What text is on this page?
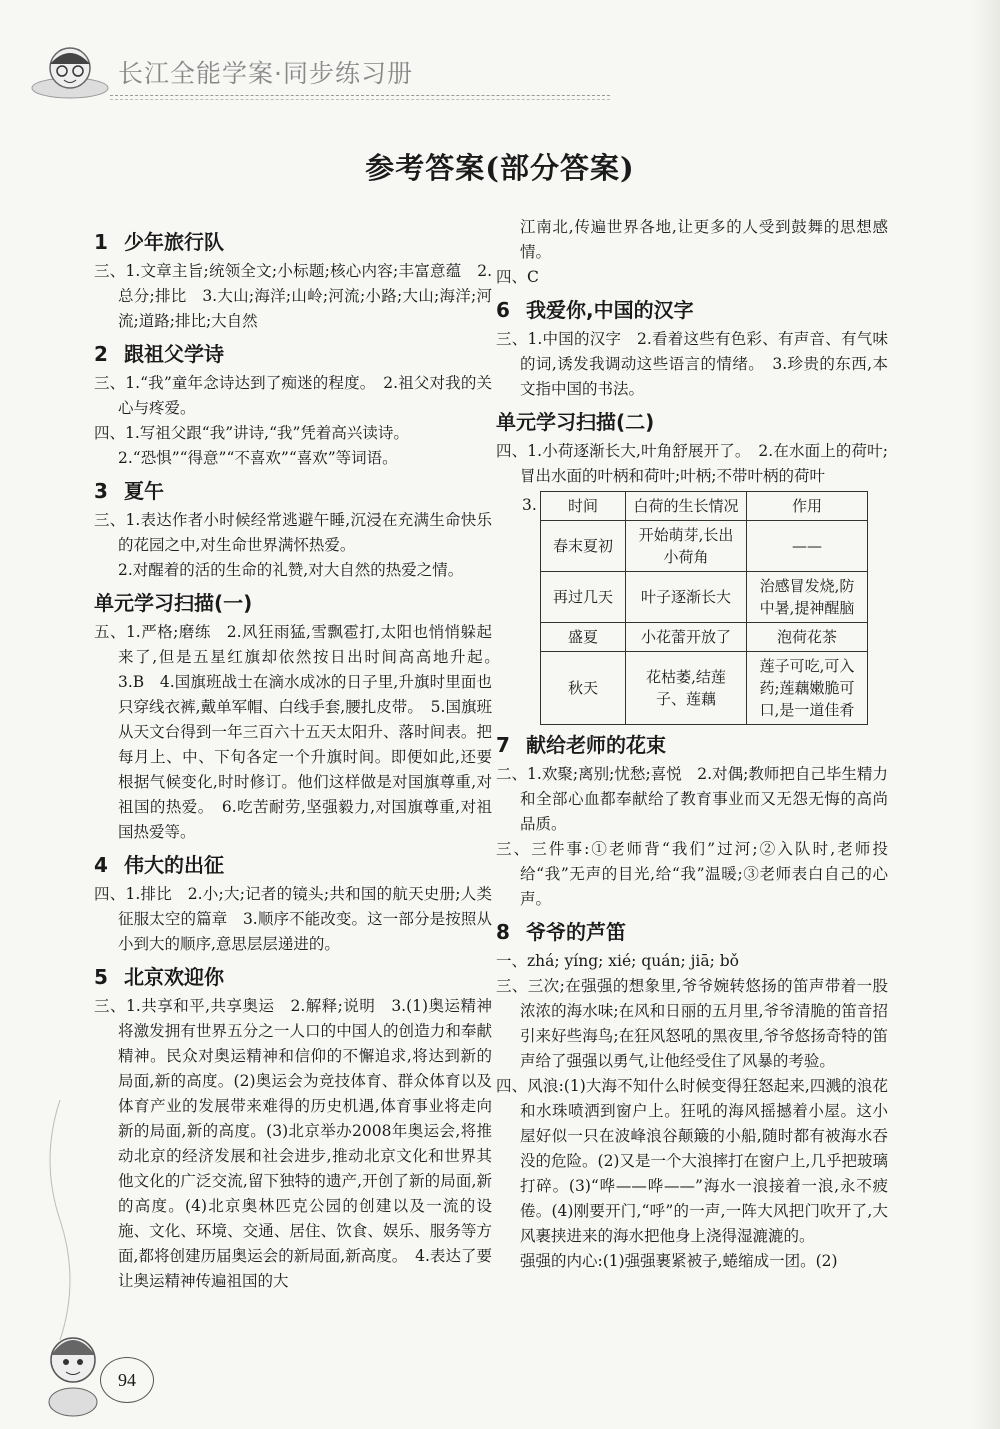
长江全能学案·同步练习册
参考答案(部分答案)
1 少年旅行队

三、1.文章主旨;统领全文;小标题;核心内容;丰富意蕴　2.总分;排比　3.大山;海洋;山岭;河流;小路;大山;海洋;河流;道路;排比;大自然

2 跟祖父学诗

三、1.“我”童年念诗达到了痴迷的程度。　2.祖父对我的关心与疼爱。

四、1.写祖父跟“我”讲诗,“我”凭着高兴读诗。

2.“恐惧”“得意”“不喜欢”“喜欢”等词语。

3 夏午

三、1.表达作者小时候经常逃避午睡,沉浸在充满生命快乐的花园之中,对生命世界满怀热爱。

2.对醒着的活的生命的礼赞,对大自然的热爱之情。

单元学习扫描(一)

五、1.严格;磨练　2.风狂雨猛,雪飘雹打,太阳也悄悄躲起来了,但是五星红旗却依然按日出时间高高地升起。　3.B　4.国旗班战士在滴水成冰的日子里,升旗时里面也只穿线衣裤,戴单军帽、白线手套,腰扎皮带。　5.国旗班从天文台得到一年三百六十五天太阳升、落时间表。把每月上、中、下旬各定一个升旗时间。即便如此,还要根据气候变化,时时修订。他们这样做是对国旗尊重,对祖国的热爱。　6.吃苦耐劳,坚强毅力,对国旗尊重,对祖国热爱等。

4 伟大的出征

四、1.排比　2.小;大;记者的镜头;共和国的航天史册;人类征服太空的篇章　3.顺序不能改变。这一部分是按照从小到大的顺序,意思层层递进的。

5 北京欢迎你

三、1.共享和平,共享奥运　2.解释;说明　3.(1)奥运精神将激发拥有世界五分之一人口的中国人的创造力和奉献精神。民众对奥运精神和信仰的不懈追求,将达到新的局面,新的高度。(2)奥运会为竞技体育、群众体育以及体育产业的发展带来难得的历史机遇,体育事业将走向新的局面,新的高度。(3)北京举办2008年奥运会,将推动北京的经济发展和社会进步,推动北京文化和世界其他文化的广泛交流,留下独特的遗产,开创了新的局面,新的高度。(4)北京奥林匹克公园的创建以及一流的设施、文化、环境、交通、居住、饮食、娱乐、服务等方面,都将创建历届奥运会的新局面,新高度。　4.表达了要让奥运精神传遍祖国的大

江南北,传遍世界各地,让更多的人受到鼓舞的思想感情。

四、C

6 我爱你,中国的汉字

三、1.中国的汉字　2.看着这些有色彩、有声音、有气味的词,诱发我调动这些语言的情绪。　3.珍贵的东西,本文指中国的书法。

单元学习扫描(二)

四、1.小荷逐渐长大,叶角舒展开了。　2.在水面上的荷叶;冒出水面的叶柄和荷叶;叶柄;不带叶柄的荷叶

3. 时间	白荷的生长情况	作用
春末夏初	开始萌芽,长出小荷角	——
再过几天	叶子逐渐长大	治感冒发烧,防中暑,提神醒脑
盛夏	小花蕾开放了	泡荷花茶
秋天	花枯萎,结莲子、莲藕	莲子可吃,可入药;莲藕嫩脆可口,是一道佳肴
7 献给老师的花束

二、1.欢聚;离别;忧愁;喜悦　2.对偶;教师把自己毕生精力和全部心血都奉献给了教育事业而又无怨无悔的高尚品质。

三、三件事:①老师背“我们”过河;②入队时,老师投给“我”无声的目光,给“我”温暖;③老师表白自己的心声。

8 爷爷的芦笛

一、zhá; yíng; xié; quán; jiā; bǒ

三、三次;在强强的想象里,爷爷婉转悠扬的笛声带着一股浓浓的海水味;在风和日丽的五月里,爷爷清脆的笛音招引来好些海鸟;在狂风怒吼的黑夜里,爷爷悠扬奇特的笛声给了强强以勇气,让他经受住了风暴的考验。

四、风浪:(1)大海不知什么时候变得狂怒起来,四溅的浪花和水珠喷洒到窗户上。狂吼的海风摇撼着小屋。这小屋好似一只在波峰浪谷颠簸的小船,随时都有被海水吞没的危险。(2)又是一个大浪摔打在窗户上,几乎把玻璃打碎。(3)“哗——哗——”海水一浪接着一浪,永不疲倦。(4)刚要开门,“呼”的一声,一阵大风把门吹开了,大风裹挟进来的海水把他身上浇得湿漉漉的。

强强的内心:(1)强强裹紧被子,蜷缩成一团。(2)

94
